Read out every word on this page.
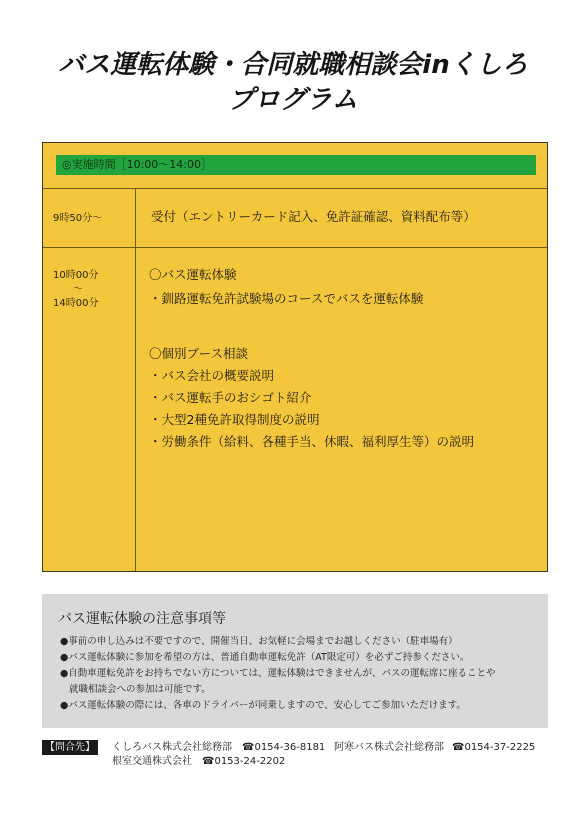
バス運転体験・合同就職相談会inくしろ
プログラム
◎実施時間［10:00～14:00］
9時50分～	受付（エントリーカード記入、免許証確認、資料配布等）
10時00分
～
14時00分
〇バス運転体験
・釧路運転免許試験場のコースでバスを運転体験
〇個別ブース相談
・バス会社の概要説明
・バス運転手のおシゴト紹介
・大型2種免許取得制度の説明
・労働条件（給料、各種手当、休暇、福利厚生等）の説明
バス運転体験の注意事項等
●事前の申し込みは不要ですので、開催当日、お気軽に会場までお越しください（駐車場有）
●バス運転体験に参加を希望の方は、普通自動車運転免許（AT限定可）を必ずご持参ください。
●自動車運転免許をお持ちでない方については、運転体験はできませんが、バスの運転席に座ることや
就職相談会への参加は可能です。
●バス運転体験の際には、各車のドライバーが同乗しますので、安心してご参加いただけます。
【問合先】	くしろバス株式会社総務部 ☎0154-36-8181 阿寒バス株式会社総務部 ☎0154-37-2225
根室交通株式会社 ☎0153-24-2202
